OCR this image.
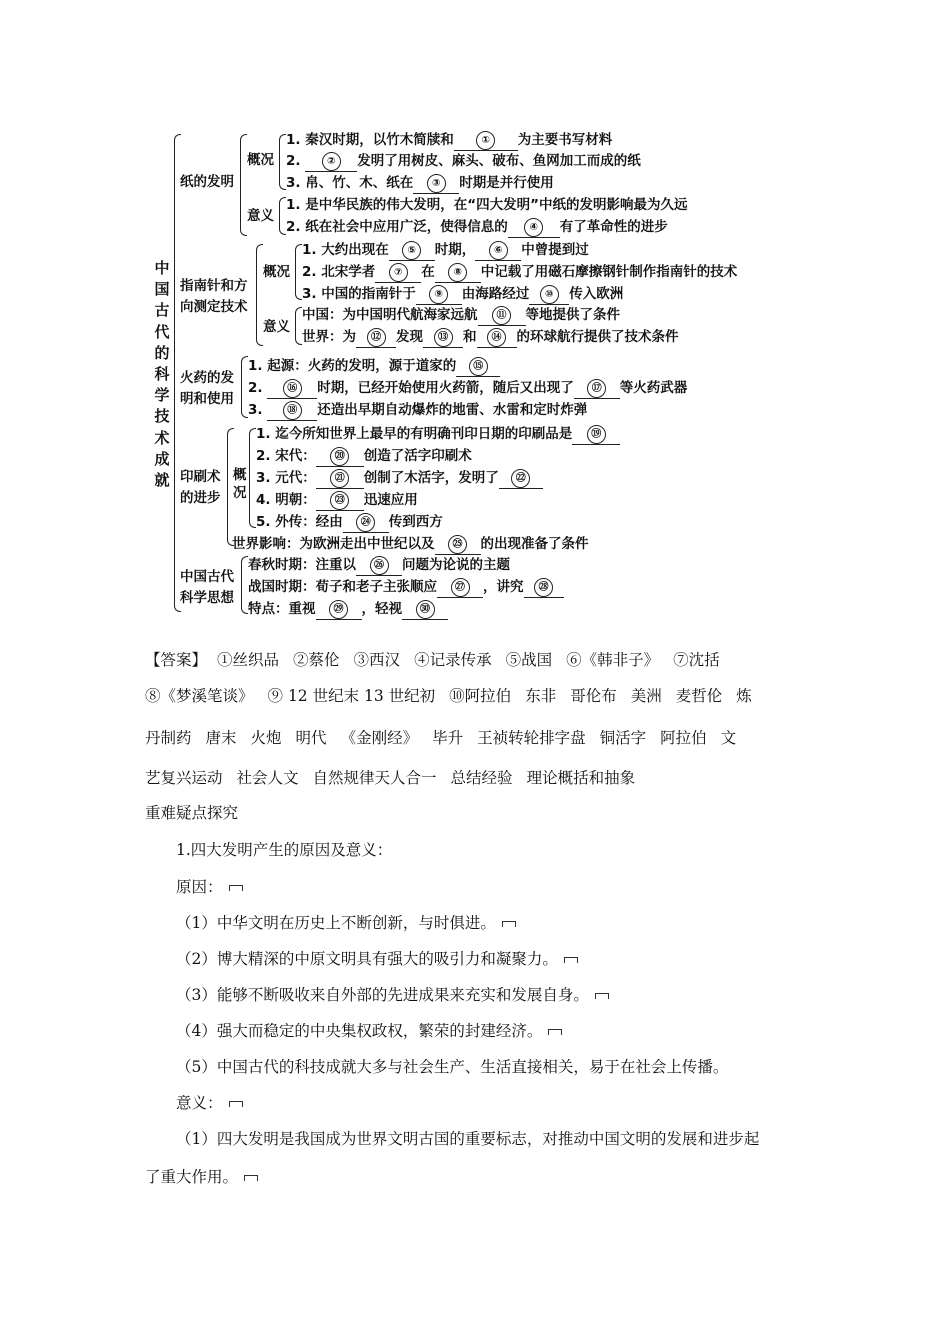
中
国
古
代
的
科
学
技
术
成
就
纸的发明
概况
1. 秦汉时期，以竹木简牍和	① 为主要书写材料
2.	② 发明了用树皮、麻头、破布、鱼网加工而成的纸
3. 帛、竹、木、纸在 ③ 时期是并行使用
意义
1. 是中华民族的伟大发明，在“四大发明”中纸的发明影响最为久远
2. 纸在社会中应用广泛，使得信息的 ④ 有了革命性的进步
指南针和方
向测定技术
概况
1. 大约出现在 ⑤ 时期， ⑥ 中曾提到过
2. 北宋学者 ⑦ 在 ⑧ 中记载了用磁石摩擦钢针制作指南针的技术
3. 中国的指南针于 ⑨ 由海路经过 ⑩ 传入欧洲
意义
中国：为中国明代航海家远航 ⑪ 等地提供了条件
世界：为 ⑫ 发现 ⑬ 和 ⑭ 的环球航行提供了技术条件
火药的发
明和使用
1. 起源：火药的发明，源于道家的 ⑮
2. ⑯ 时期，已经开始使用火药箭，随后又出现了 ⑰ 等火药武器
3. ⑱ 还造出早期自动爆炸的地雷、水雷和定时炸弹
印刷术
的进步
概
况
1. 迄今所知世界上最早的有明确刊印日期的印刷品是 ⑲
2. 宋代： ⑳ 创造了活字印刷术
3. 元代： ㉑ 创制了木活字，发明了 ㉒
4. 明朝： ㉓ 迅速应用
5. 外传：经由 ㉔ 传到西方
世界影响：为欧洲走出中世纪以及 ㉕ 的出现准备了条件
中国古代
科学思想
春秋时期：注重以 ㉖ 问题为论说的主题
战国时期：荀子和老子主张顺应 ㉗ ，讲究 ㉘
特点：重视 ㉙ ，轻视 ㉚
【答案】 ①丝织品 ②蔡伦 ③西汉 ④记录传承 ⑤战国 ⑥《韩非子》 ⑦沈括
⑧《梦溪笔谈》 ⑨ 12 世纪末 13 世纪初 ⑩阿拉伯 东非 哥伦布 美洲 麦哲伦 炼
丹制药 唐末 火炮 明代 《金刚经》 毕升 王祯转轮排字盘 铜活字 阿拉伯 文
艺复兴运动 社会人文 自然规律天人合一 总结经验 理论概括和抽象
重难疑点探究
1.四大发明产生的原因及意义：
原因：
（1）中华文明在历史上不断创新，与时俱进。
（2）博大精深的中原文明具有强大的吸引力和凝聚力。
（3）能够不断吸收来自外部的先进成果来充实和发展自身。
（4）强大而稳定的中央集权政权，繁荣的封建经济。
（5）中国古代的科技成就大多与社会生产、生活直接相关，易于在社会上传播。
意义：
（1）四大发明是我国成为世界文明古国的重要标志，对推动中国文明的发展和进步起
了重大作用。
